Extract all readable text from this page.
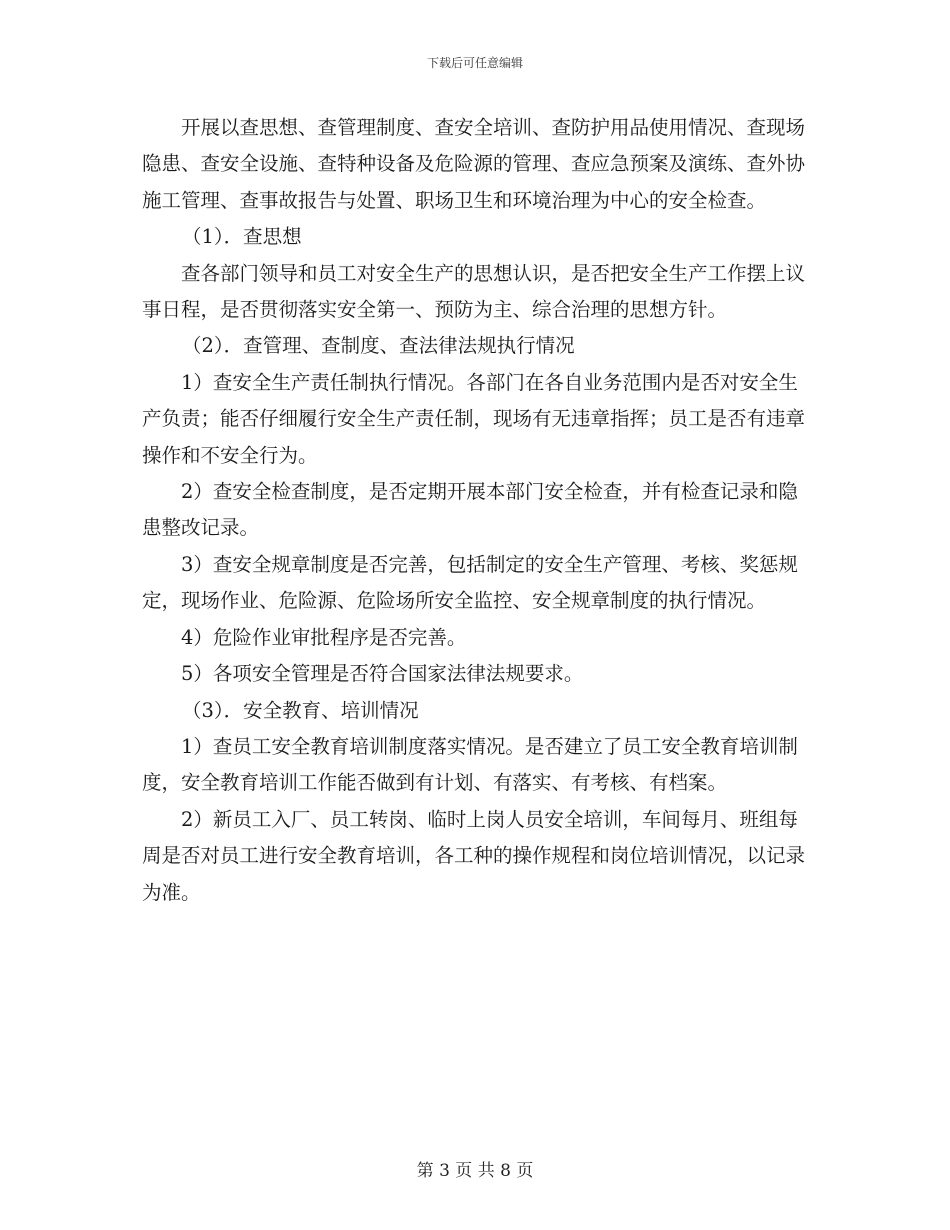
下载后可任意编辑

开展以查思想、查管理制度、查安全培训、查防护用品使用情况、查现场隐患、查安全设施、查特种设备及危险源的管理、查应急预案及演练、查外协施工管理、查事故报告与处置、职场卫生和环境治理为中心的安全检查。

（1）．查思想

查各部门领导和员工对安全生产的思想认识，是否把安全生产工作摆上议事日程，是否贯彻落实安全第一、预防为主、综合治理的思想方针。

（2）．查管理、查制度、查法律法规执行情况

1）查安全生产责任制执行情况。各部门在各自业务范围内是否对安全生产负责；能否仔细履行安全生产责任制，现场有无违章指挥；员工是否有违章操作和不安全行为。

2）查安全检查制度，是否定期开展本部门安全检查，并有检查记录和隐患整改记录。

3）查安全规章制度是否完善，包括制定的安全生产管理、考核、奖惩规定，现场作业、危险源、危险场所安全监控、安全规章制度的执行情况。

4）危险作业审批程序是否完善。

5）各项安全管理是否符合国家法律法规要求。

（3）．安全教育、培训情况

1）查员工安全教育培训制度落实情况。是否建立了员工安全教育培训制度，安全教育培训工作能否做到有计划、有落实、有考核、有档案。

2）新员工入厂、员工转岗、临时上岗人员安全培训，车间每月、班组每周是否对员工进行安全教育培训，各工种的操作规程和岗位培训情况，以记录为准。

第 3 页 共 8 页
